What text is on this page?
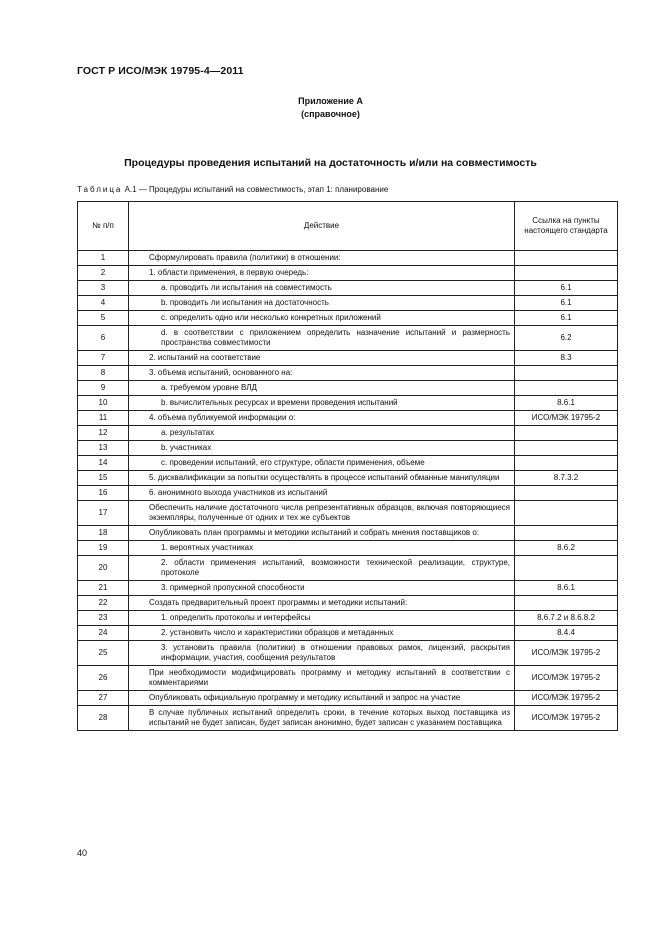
ГОСТ Р ИСО/МЭК 19795-4—2011
Приложение А
(справочное)
Процедуры проведения испытаний на достаточность и/или на совместимость
Таблица А.1 — Процедуры испытаний на совместимость, этап 1: планирование
№ п/п	Действие	Ссылка на пункты настоящего стандарта
1	Сформулировать правила (политики) в отношении:	
2	1. области применения, в первую очередь:	
3	a. проводить ли испытания на совместимость	6.1
4	b. проводить ли испытания на достаточность	6.1
5	c. определить одно или несколько конкретных приложений	6.1
6	d. в соответствии с приложением определить назначение испытаний и размерность пространства совместимости	6.2
7	2. испытаний на соответствие	8.3
8	3. объема испытаний, основанного на:	
9	a. требуемом уровне ВЛД	
10	b. вычислительных ресурсах и времени проведения испытаний	8.6.1
11	4. объема публикуемой информации о:	ИСО/МЭК 19795-2
12	a. результатах	
13	b. участниках	
14	c. проведении испытаний, его структуре, области применения, объеме	
15	5. дисквалификации за попытки осуществлять в процессе испытаний обманные манипуляции	8.7.3.2
16	6. анонимного выхода участников из испытаний	
17	Обеспечить наличие достаточного числа репрезентативных образцов, включая повторяющиеся экземпляры, полученные от одних и тех же субъектов	
18	Опубликовать план программы и методики испытаний и собрать мнения поставщиков о:	
19	1. вероятных участниках	8.6.2
20	2. области применения испытаний, возможности технической реализации, структуре, протоколе	
21	3. примерной пропускной способности	8.6.1
22	Создать предварительный проект программы и методики испытаний:	
23	1. определить протоколы и интерфейсы	8.6.7.2 и 8.6.8.2
24	2. установить число и характеристики образцов и метаданных	8.4.4
25	3. установить правила (политики) в отношении правовых рамок, лицензий, раскрытия информации, участия, сообщения результатов	ИСО/МЭК 19795-2
26	При необходимости модифицировать программу и методику испытаний в соответствии с комментариями	ИСО/МЭК 19795-2
27	Опубликовать официальную программу и методику испытаний и запрос на участие	ИСО/МЭК 19795-2
28	В случае публичных испытаний определить сроки, в течение которых выход поставщика из испытаний не будет записан, будет записан анонимно, будет записан с указанием поставщика	ИСО/МЭК 19795-2
40
